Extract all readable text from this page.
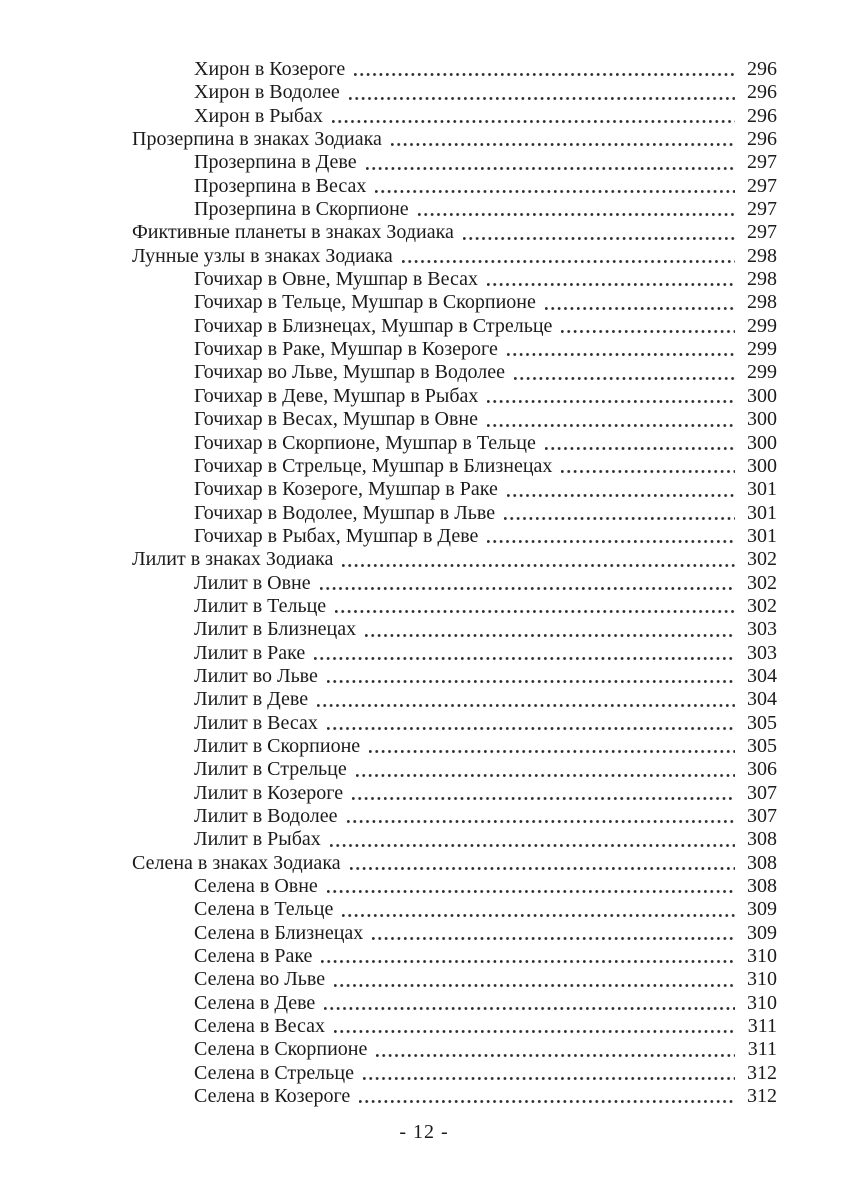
Хирон в Козероге	296
Хирон в Водолее	296
Хирон в Рыбах	296
Прозерпина в знаках Зодиака	296
Прозерпина в Деве	297
Прозерпина в Весах	297
Прозерпина в Скорпионе	297
Фиктивные планеты в знаках Зодиака	297
Лунные узлы в знаках Зодиака	298
Гочихар в Овне, Мушпар в Весах	298
Гочихар в Тельце, Мушпар в Скорпионе	298
Гочихар в Близнецах, Мушпар в Стрельце	299
Гочихар в Раке, Мушпар в Козероге	299
Гочихар во Льве, Мушпар в Водолее	299
Гочихар в Деве, Мушпар в Рыбах	300
Гочихар в Весах, Мушпар в Овне	300
Гочихар в Скорпионе, Мушпар в Тельце	300
Гочихар в Стрельце, Мушпар в Близнецах	300
Гочихар в Козероге, Мушпар в Раке	301
Гочихар в Водолее, Мушпар в Льве	301
Гочихар в Рыбах, Мушпар в Деве	301
Лилит в знаках Зодиака	302
Лилит в Овне	302
Лилит в Тельце	302
Лилит в Близнецах	303
Лилит в Раке	303
Лилит во Льве	304
Лилит в Деве	304
Лилит в Весах	305
Лилит в Скорпионе	305
Лилит в Стрельце	306
Лилит в Козероге	307
Лилит в Водолее	307
Лилит в Рыбах	308
Селена в знаках Зодиака	308
Селена в Овне	308
Селена в Тельце	309
Селена в Близнецах	309
Селена в Раке	310
Селена во Льве	310
Селена в Деве	310
Селена в Весах	311
Селена в Скорпионе	311
Селена в Стрельце	312
Селена в Козероге	312
- 12 -
